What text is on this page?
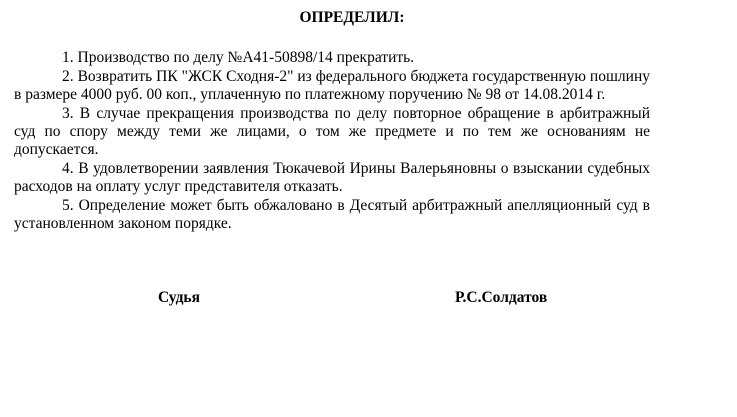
ОПРЕДЕЛИЛ:

1. Производство по делу №А41-50898/14 прекратить.

2. Возвратить ПК "ЖСК Сходня-2" из федерального бюджета государственную пошлину в размере 4000 руб. 00 коп., уплаченную по платежному поручению № 98 от 14.08.2014 г.

3. В случае прекращения производства по делу повторное обращение в арбитражный суд по спору между теми же лицами, о том же предмете и по тем же основаниям не допускается.

4. В удовлетворении заявления Тюкачевой Ирины Валерьяновны о взыскании судебных расходов на оплату услуг представителя отказать.

5. Определение может быть обжаловано в Десятый арбитражный апелляционный суд в установленном законом порядке.

Судья	Р.С.Солдатов
